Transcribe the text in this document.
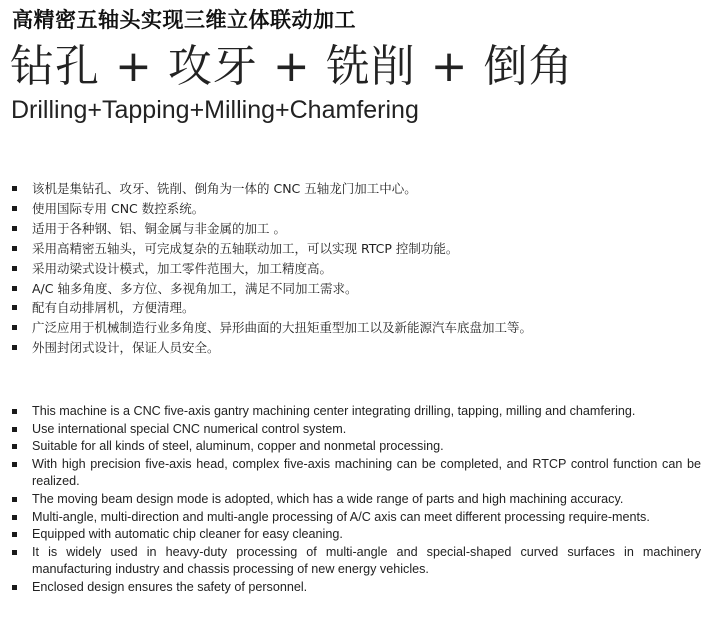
高精密五轴头实现三维立体联动加工
钻孔 + 攻牙 + 铣削 + 倒角
Drilling+Tapping+Milling+Chamfering
该机是集钻孔、攻牙、铣削、倒角为一体的 CNC 五轴龙门加工中心。
使用国际专用 CNC 数控系统。
适用于各种钢、铝、铜金属与非金属的加工 。
采用高精密五轴头，可完成复杂的五轴联动加工，可以实现 RTCP 控制功能。
采用动梁式设计模式，加工零件范围大，加工精度高。
A/C 轴多角度、多方位、多视角加工，满足不同加工需求。
配有自动排屑机，方便清理。
广泛应用于机械制造行业多角度、异形曲面的大扭矩重型加工以及新能源汽车底盘加工等。
外围封闭式设计，保证人员安全。
This machine is a CNC five-axis gantry machining center integrating drilling, tapping, milling and chamfering.
Use international special CNC numerical control system.
Suitable for all kinds of steel, aluminum, copper and nonmetal processing.
With high precision five-axis head, complex five-axis machining can be completed, and RTCP control function can be realized.
The moving beam design mode is adopted, which has a wide range of parts and high machining accuracy.
Multi-angle, multi-direction and multi-angle processing of A/C axis can meet different processing require-ments.
Equipped with automatic chip cleaner for easy cleaning.
It is widely used in heavy-duty processing of multi-angle and special-shaped curved surfaces in machinery manufacturing industry and chassis processing of new energy vehicles.
Enclosed design ensures the safety of personnel.
